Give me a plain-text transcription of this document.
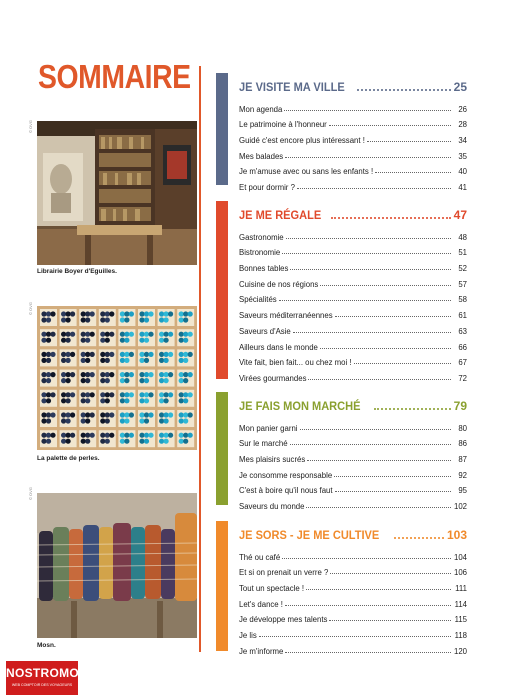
SOMMAIRE
© OVG
Librairie Boyer d'Eguilles.
© OVG
La palette de perles.
© OVG
Mosn.
JE VISITE MA VILLE	25
Mon agenda	26
Le patrimoine à l'honneur	28
Guidé c'est encore plus intéressant !	34
Mes balades	35
Je m'amuse avec ou sans les enfants !	40
Et pour dormir ?	41
JE ME RÉGALE	47
Gastronomie	48
Bistronomie	51
Bonnes tables	52
Cuisine de nos régions	57
Spécialités	58
Saveurs méditerranéennes	61
Saveurs d'Asie	63
Ailleurs dans le monde	66
Vite fait, bien fait... ou chez moi !	67
Virées gourmandes	72
JE FAIS MON MARCHÉ	79
Mon panier garni	80
Sur le marché	86
Mes plaisirs sucrés	87
Je consomme responsable	92
C'est à boire qu'il nous faut	95
Saveurs du monde	102
JE SORS - JE ME CULTIVE	103
Thé ou café	104
Et si on prenait un verre ?	106
Tout un spectacle !	111
Let's dance !	114
Je développe mes talents	115
Je lis	118
Je m'informe	120
NOSTROMO
WEB COMPTOIR DES VOYAGEURS
